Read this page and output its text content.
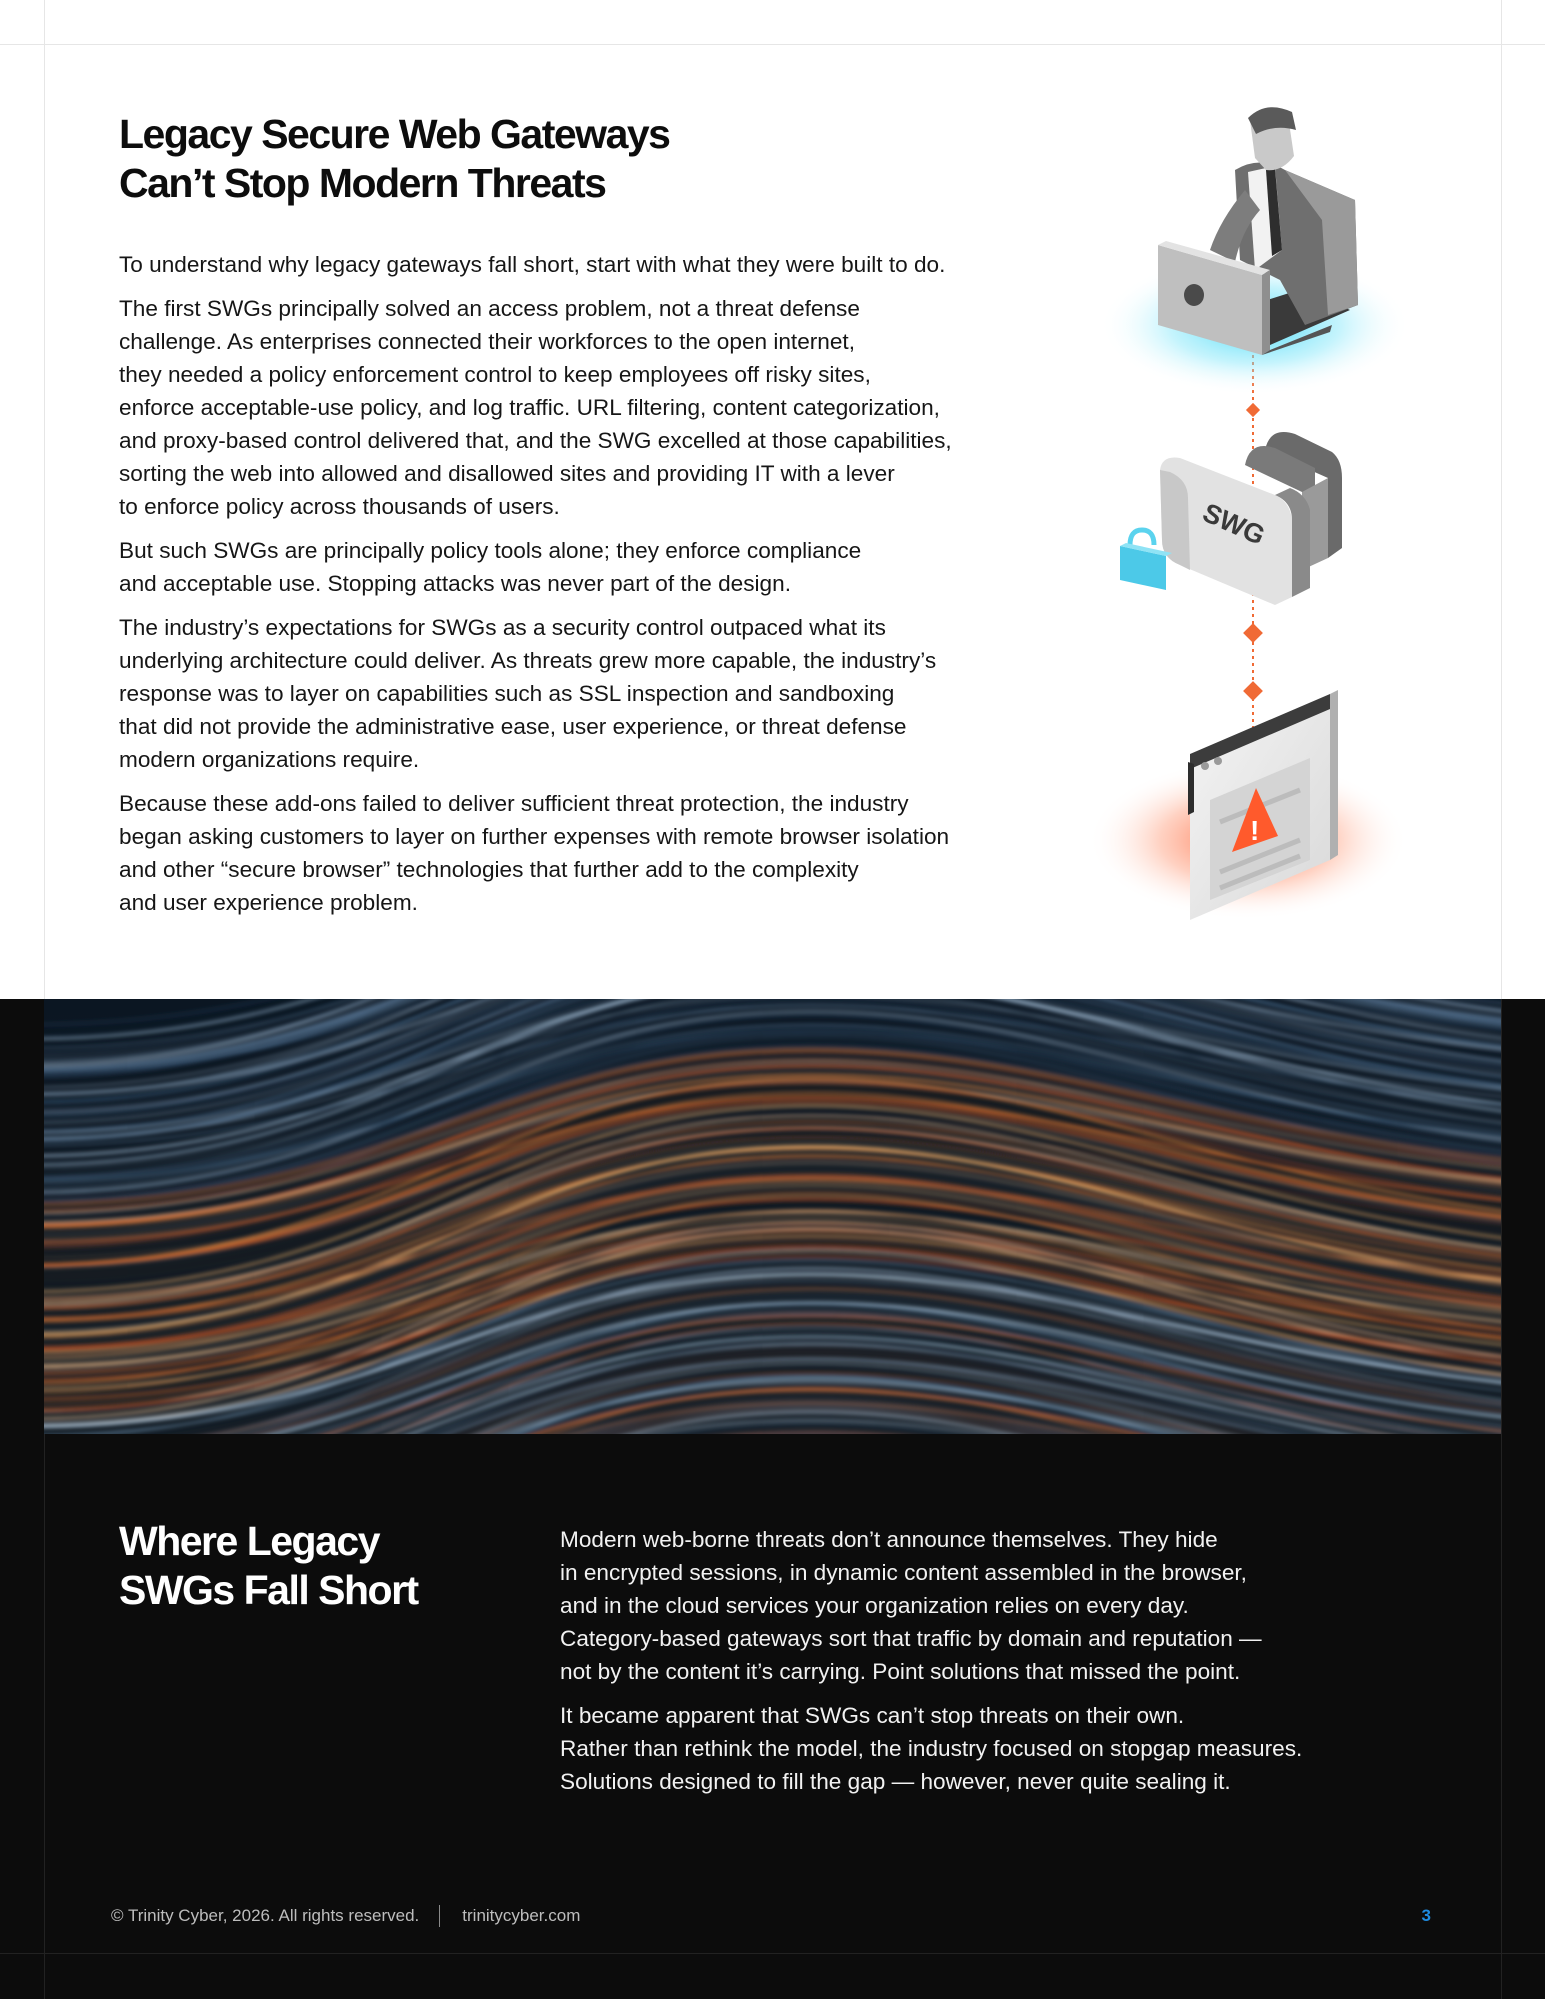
Legacy Secure Web Gateways
Can’t Stop Modern Threats

To understand why legacy gateways fall short, start with what they were built to do.

The first SWGs principally solved an access problem, not a threat defense
challenge. As enterprises connected their workforces to the open internet,
they needed a policy enforcement control to keep employees off risky sites,
enforce acceptable-use policy, and log traffic. URL filtering, content categorization,
and proxy-based control delivered that, and the SWG excelled at those capabilities,
sorting the web into allowed and disallowed sites and providing IT with a lever
to enforce policy across thousands of users.

But such SWGs are principally policy tools alone; they enforce compliance
and acceptable use. Stopping attacks was never part of the design.

The industry’s expectations for SWGs as a security control outpaced what its
underlying architecture could deliver. As threats grew more capable, the industry’s
response was to layer on capabilities such as SSL inspection and sandboxing
that did not provide the administrative ease, user experience, or threat defense
modern organizations require.

Because these add-ons failed to deliver sufficient threat protection, the industry
began asking customers to layer on further expenses with remote browser isolation
and other “secure browser” technologies that further add to the complexity
and user experience problem.

SWG
!
Where Legacy
SWGs Fall Short

Modern web-borne threats don’t announce themselves. They hide
in encrypted sessions, in dynamic content assembled in the browser,
and in the cloud services your organization relies on every day.
Category-based gateways sort that traffic by domain and reputation —
not by the content it’s carrying. Point solutions that missed the point.

It became apparent that SWGs can’t stop threats on their own.
Rather than rethink the model, the industry focused on stopgap measures.
Solutions designed to fill the gap — however, never quite sealing it.

© Trinity Cyber, 2026. All rights reserved.	trinitycyber.com	3
